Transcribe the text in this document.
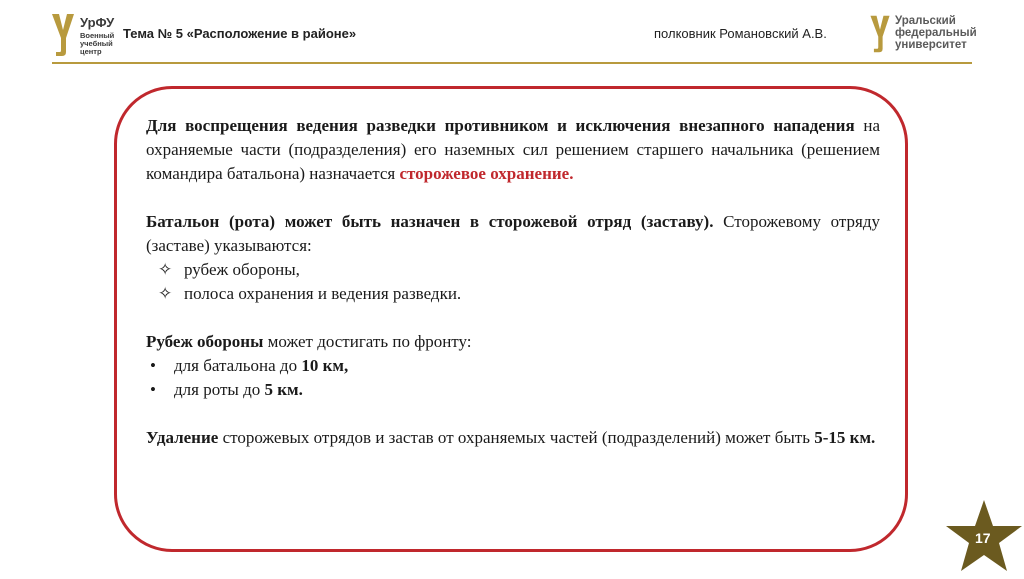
УрФУ
Военный учебный центр
Тема № 5 «Расположение в районе»	полковник Романовский А.В.
Уральский федеральный университет

Для воспрещения ведения разведки противником и исключения внезапного нападения на охраняемые части (подразделения) его наземных сил решением старшего начальника (решением командира батальона) назначается сторожевое охранение.

Батальон (рота) может быть назначен в сторожевой отряд (заставу). Сторожевому отряду (заставе) указываются:

✧ рубеж обороны,
✧ полоса охранения и ведения разведки.

Рубеж обороны может достигать по фронту:

• для батальона до 10 км,
• для роты до 5 км.

Удаление сторожевых отрядов и застав от охраняемых частей (подразделений) может быть 5-15 км.

17
